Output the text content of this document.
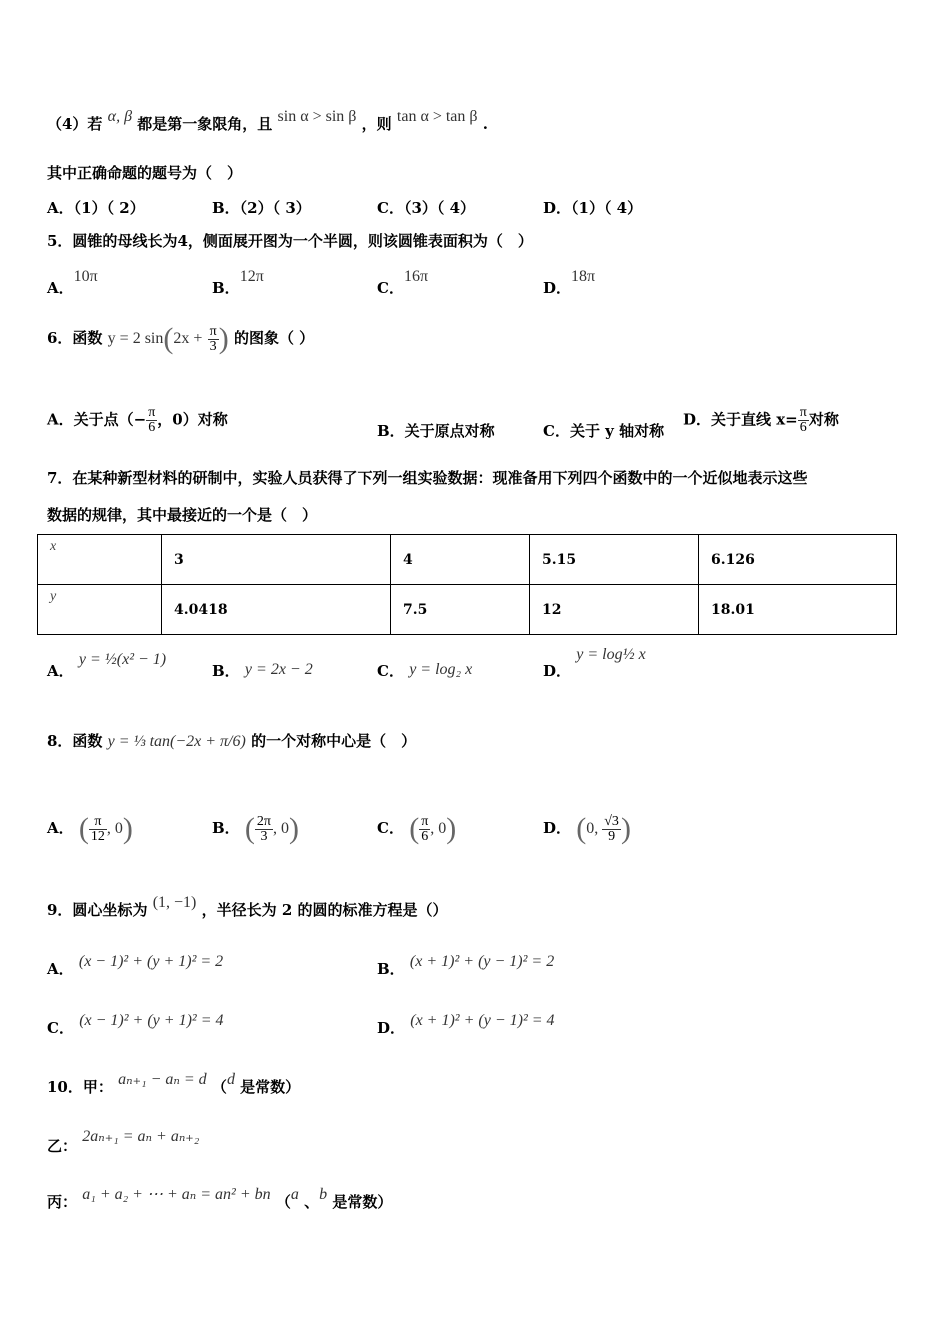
（4）若 α, β 都是第一象限角，且 sin α > sin β ，则 tan α > tan β .
其中正确命题的题号为（　）
A．（1）（ 2）	B．（2）（ 3）	C．（3）（ 4）	D．（1）（ 4）
5．圆锥的母线长为4，侧面展开图为一个半圆，则该圆锥表面积为（　）
A．10π
B．12π
C．16π
D．18π
6．函数 y = 2 $\sin(2x + \frac{\pi}{3}$ ) 的图象（ ）
A．关于点（− $\frac{\pi}{6}$ ，0）对称
B．关于原点对称	C．关于 y 轴对称
D．关于直线 $x= \frac{\pi}{6}$ 对称
7．在某种新型材料的研制中，实验人员获得了下列一组实验数据：现准备用下列四个函数中的一个近似地表示这些
数据的规律，其中最接近的一个是（　）
x	3	4	5.15	6.126
y	4.0418	7.5	12	18.01
A． y = ½(x² − 1)
B． y = 2x − 2	C． y = log₂ x	D． y = log½ x
8．函数 y = ⅓ tan(−2x + π/6) 的一个对称中心是（　）
A． ( $\frac{\pi}{12}$ , 0)	B． ( $\frac{2\pi}{3}$ , 0)	C． ( $\frac{\pi}{6}$ , 0)	D． (0, $\frac{√3}{9}$ )
9．圆心坐标为 (1, −1) ，半径长为 2 的圆的标准方程是（）
A． (x − 1)² + (y + 1)² = 2	B． (x + 1)² + (y − 1)² = 2
C． (x − 1)² + (y + 1)² = 4	D． (x + 1)² + (y − 1)² = 4
10．甲： aₙ₊₁ − aₙ = d （d 是常数）
乙： 2aₙ₊₁ = aₙ + aₙ₊₂
丙： a₁ + a₂ + ⋯ + aₙ = an² + bn （a 、b 是常数）
